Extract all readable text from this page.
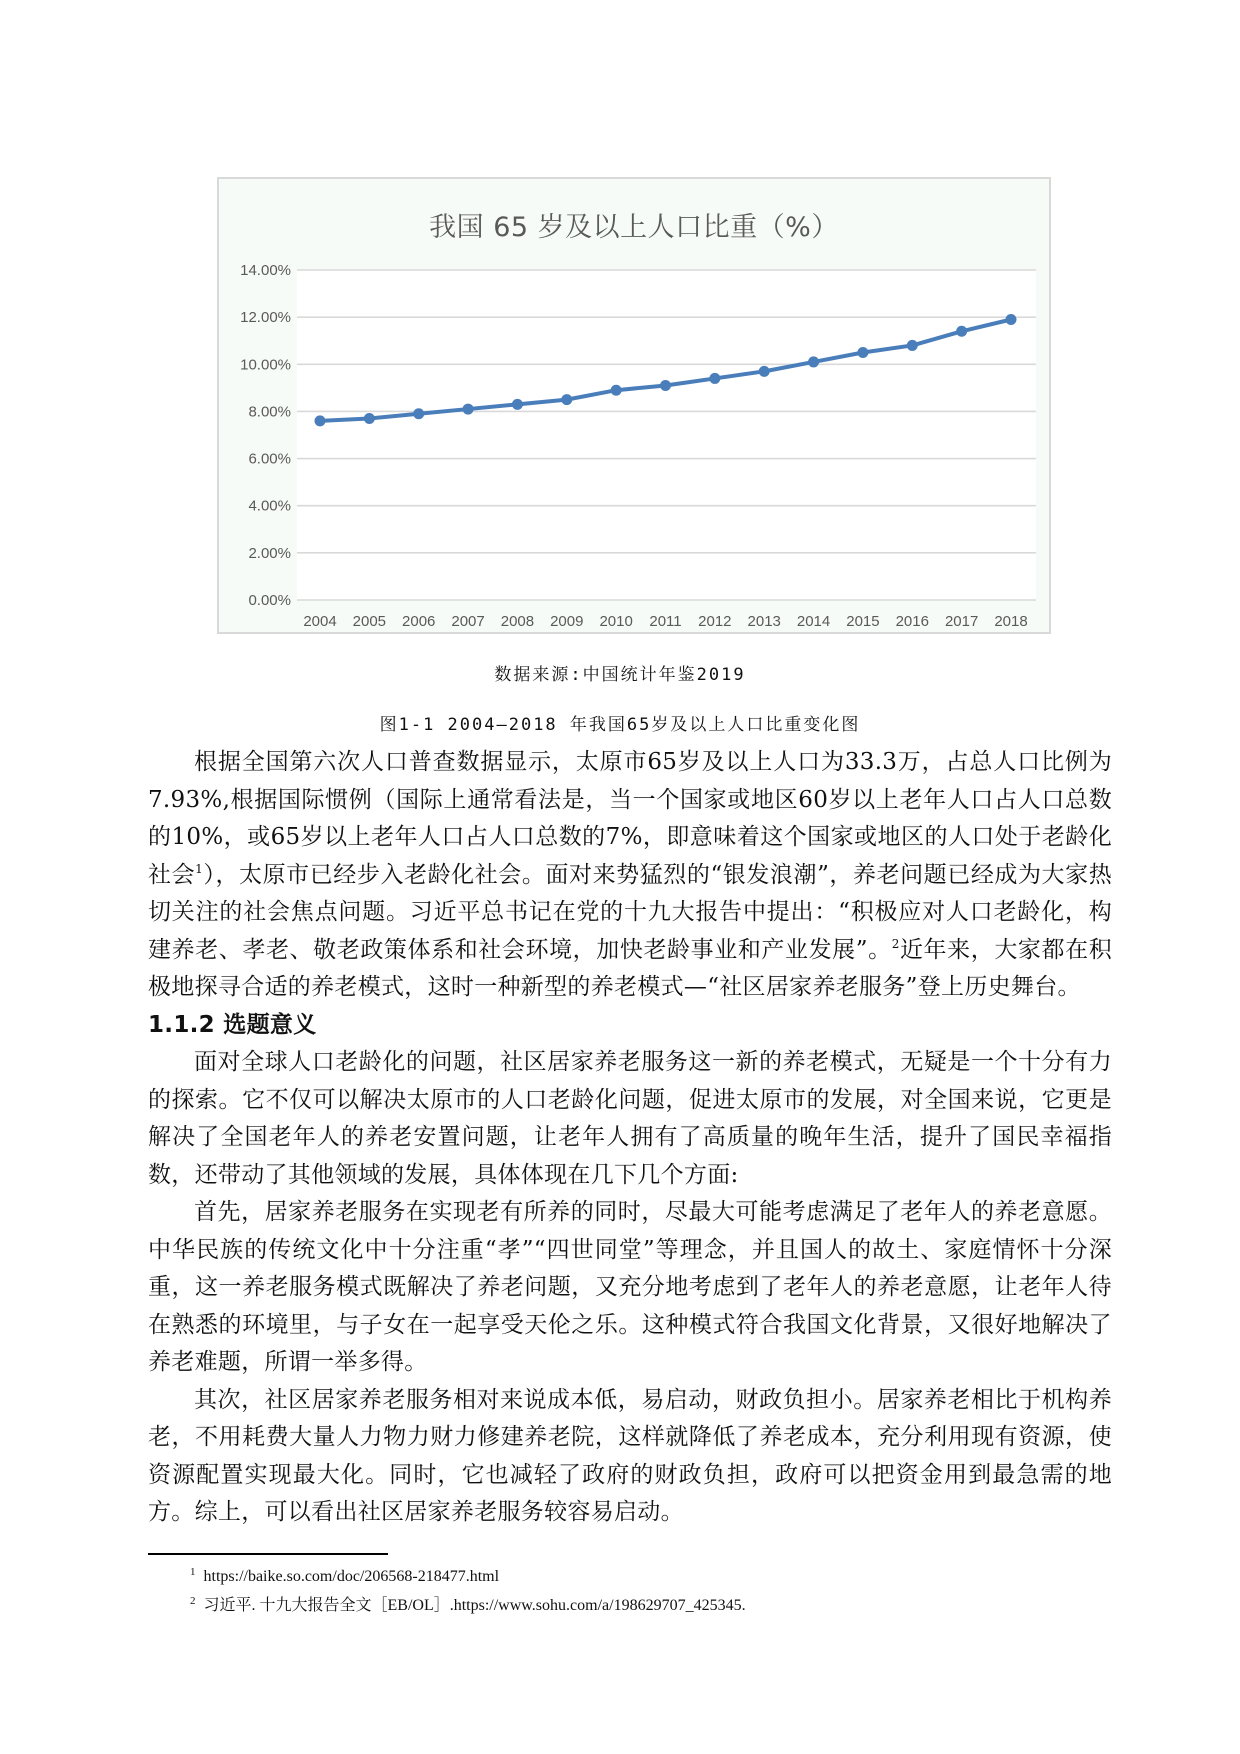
我国 65 岁及以上人口比重（%）
0.00%
2.00%
4.00%
6.00%
8.00%
10.00%
12.00%
14.00%
2004 2005 2006 2007 2008 2009 2010 2011 2012 2013 2014 2015 2016 2017 2018
数据来源:中国统计年鉴2019
图1-1 2004—2018 年我国65岁及以上人口比重变化图

根据全国第六次人口普查数据显示，太原市65岁及以上人口为33.3万，占总人口比例为7.93%,根据国际惯例（国际上通常看法是，当一个国家或地区60岁以上老年人口占人口总数的10%，或65岁以上老年人口占人口总数的7%，即意味着这个国家或地区的人口处于老龄化社会$^1$），太原市已经步入老龄化社会。面对来势猛烈的“银发浪潮”，养老问题已经成为大家热切关注的社会焦点问题。习近平总书记在党的十九大报告中提出：“积极应对人口老龄化，构建养老、孝老、敬老政策体系和社会环境，加快老龄事业和产业发展”。$^2$近年来，大家都在积极地探寻合适的养老模式，这时一种新型的养老模式—“社区居家养老服务”登上历史舞台。

1.1.2 选题意义

面对全球人口老龄化的问题，社区居家养老服务这一新的养老模式，无疑是一个十分有力的探索。它不仅可以解决太原市的人口老龄化问题，促进太原市的发展，对全国来说，它更是解决了全国老年人的养老安置问题，让老年人拥有了高质量的晚年生活，提升了国民幸福指数，还带动了其他领域的发展，具体体现在几下几个方面:

首先，居家养老服务在实现老有所养的同时，尽最大可能考虑满足了老年人的养老意愿。中华民族的传统文化中十分注重“孝”“四世同堂”等理念，并且国人的故土、家庭情怀十分深重，这一养老服务模式既解决了养老问题，又充分地考虑到了老年人的养老意愿，让老年人待在熟悉的环境里，与子女在一起享受天伦之乐。这种模式符合我国文化背景，又很好地解决了养老难题，所谓一举多得。

其次，社区居家养老服务相对来说成本低，易启动，财政负担小。居家养老相比于机构养老，不用耗费大量人力物力财力修建养老院，这样就降低了养老成本，充分利用现有资源，使资源配置实现最大化。同时，它也减轻了政府的财政负担，政府可以把资金用到最急需的地方。综上，可以看出社区居家养老服务较容易启动。

$^1$ https://baike.so.com/doc/206568-218477.html
$^2$ 习近平. 十九大报告全文［EB/OL］.https://www.sohu.com/a/198629707_425345.
